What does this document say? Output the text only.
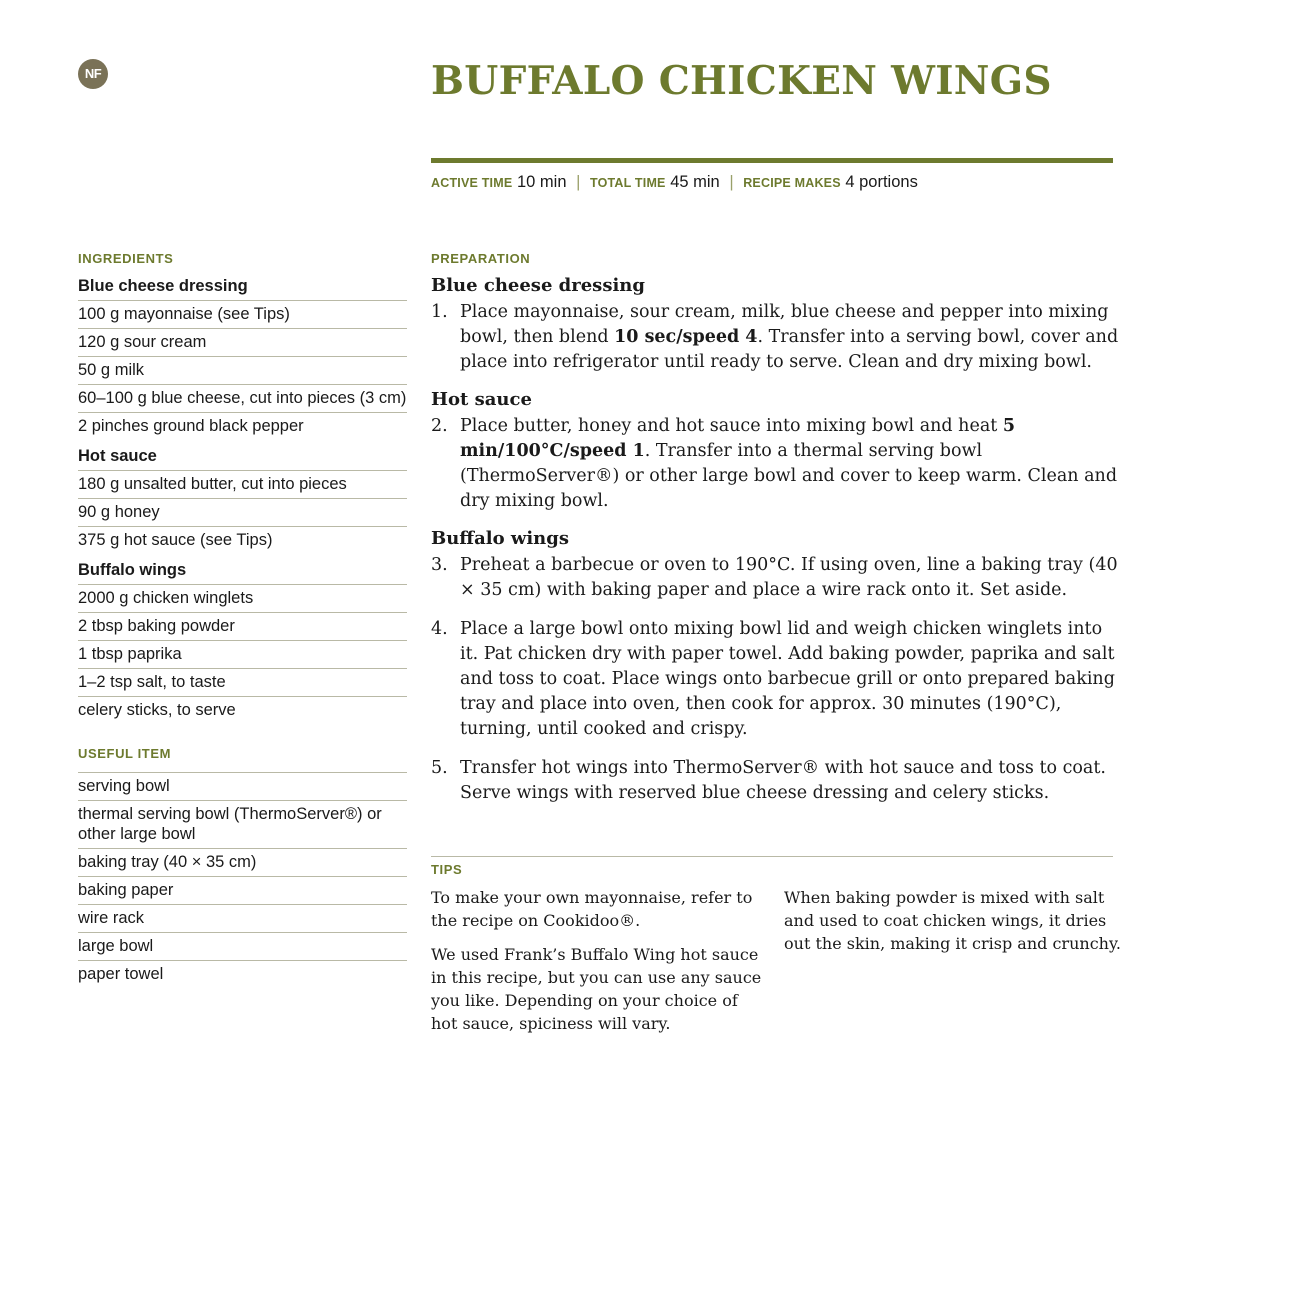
NF	BUFFALO CHICKEN WINGS
ACTIVE TIME 10 min | TOTAL TIME 45 min | RECIPE MAKES 4 portions
INGREDIENTS
Blue cheese dressing
100 g mayonnaise (see Tips)
120 g sour cream
50 g milk
60–100 g blue cheese, cut into pieces (3 cm)
2 pinches ground black pepper
Hot sauce
180 g unsalted butter, cut into pieces
90 g honey
375 g hot sauce (see Tips)
Buffalo wings
2000 g chicken winglets
2 tbsp baking powder
1 tbsp paprika
1–2 tsp salt, to taste
celery sticks, to serve
USEFUL ITEM
serving bowl
thermal serving bowl (ThermoServer®) or other large bowl
baking tray (40 × 35 cm)
baking paper
wire rack
large bowl
paper towel
PREPARATION
Blue cheese dressing
1. Place mayonnaise, sour cream, milk, blue cheese and pepper into mixing bowl, then blend 10 sec/speed 4. Transfer into a serving bowl, cover and place into refrigerator until ready to serve. Clean and dry mixing bowl.
Hot sauce
2. Place butter, honey and hot sauce into mixing bowl and heat 5 min/100°C/speed 1. Transfer into a thermal serving bowl (ThermoServer®) or other large bowl and cover to keep warm. Clean and dry mixing bowl.
Buffalo wings
3. Preheat a barbecue or oven to 190°C. If using oven, line a baking tray (40 × 35 cm) with baking paper and place a wire rack onto it. Set aside.
4. Place a large bowl onto mixing bowl lid and weigh chicken winglets into it. Pat chicken dry with paper towel. Add baking powder, paprika and salt and toss to coat. Place wings onto barbecue grill or onto prepared baking tray and place into oven, then cook for approx. 30 minutes (190°C), turning, until cooked and crispy.
5. Transfer hot wings into ThermoServer® with hot sauce and toss to coat. Serve wings with reserved blue cheese dressing and celery sticks.
TIPS

To make your own mayonnaise, refer to the recipe on Cookidoo®.

We used Frank’s Buffalo Wing hot sauce in this recipe, but you can use any sauce you like. Depending on your choice of hot sauce, spiciness will vary.

When baking powder is mixed with salt and used to coat chicken wings, it dries out the skin, making it crisp and crunchy.
